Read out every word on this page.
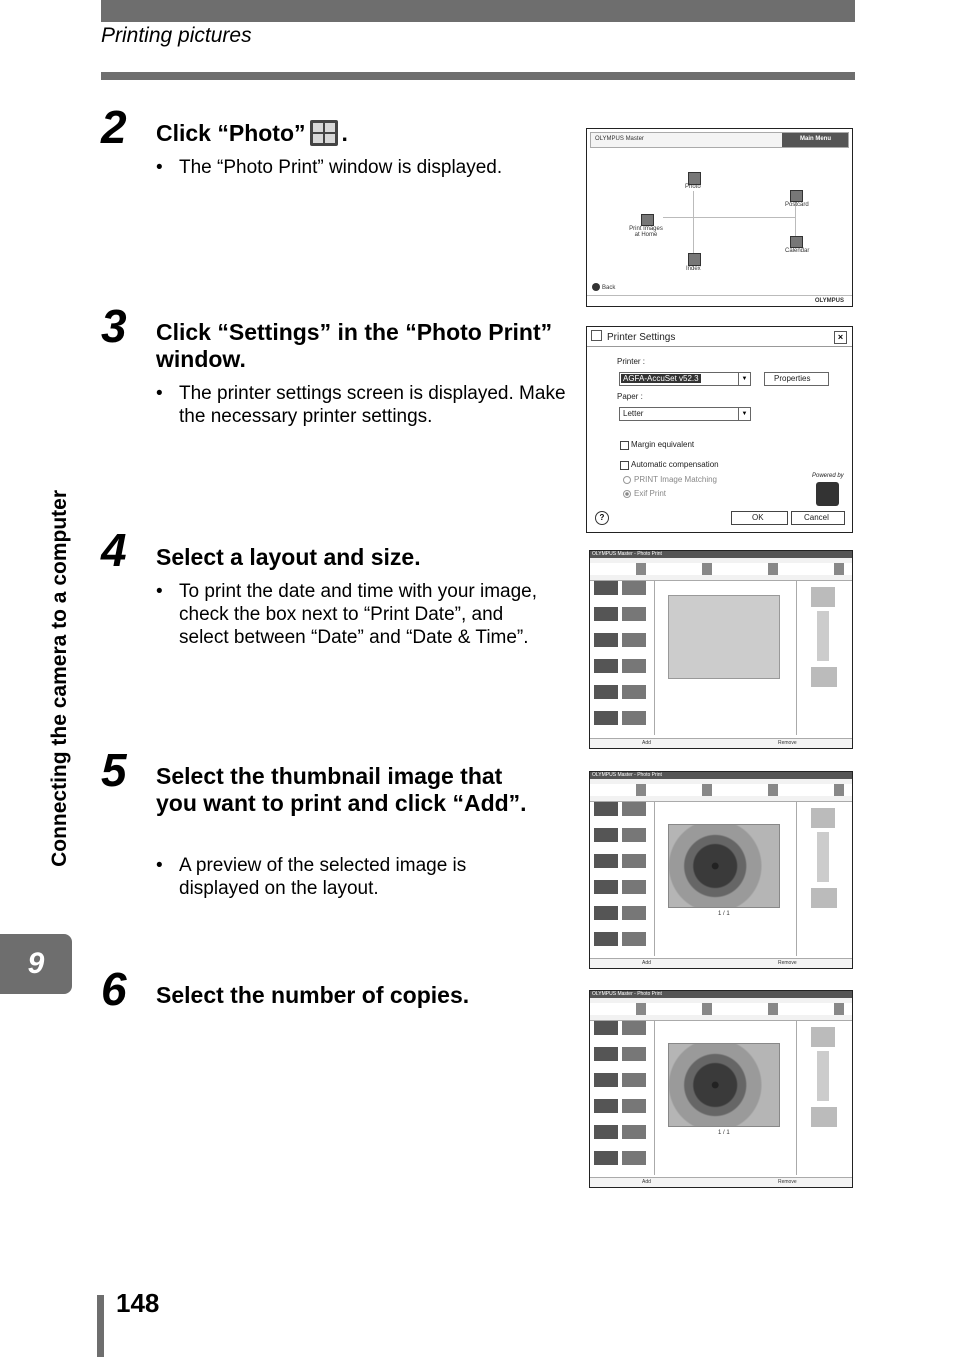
Printing pictures
2 Click “Photo” .
• The “Photo Print” window is displayed.
3 Click “Settings” in the “Photo Print” window.
• The printer settings screen is displayed. Make the necessary printer settings.
4 Select a layout and size.
• To print the date and time with your image, check the box next to “Print Date”, and select between “Date” and “Date & Time”.
5 Select the thumbnail image that you want to print and click “Add”.
• A preview of the selected image is displayed on the layout.
6 Select the number of copies.
OLYMPUS Master	Main Menu
Photo
Postcard
Print Images at Home
Calendar
Index
Back
OLYMPUS
Printer Settings	×
Printer :
AGFA-AccuSet v52.3	▼	Properties
Paper :
Letter	▼
Margin equivalent
Automatic compensation
PRINT Image Matching
Exif Print
Powered by
?	OK	Cancel
OLYMPUS Master - Photo Print
Add	Remove
OLYMPUS Master - Photo Print
1 / 1
Add	Remove
OLYMPUS Master - Photo Print
1 / 1
Add	Remove
Connecting the camera to a computer
9
148
